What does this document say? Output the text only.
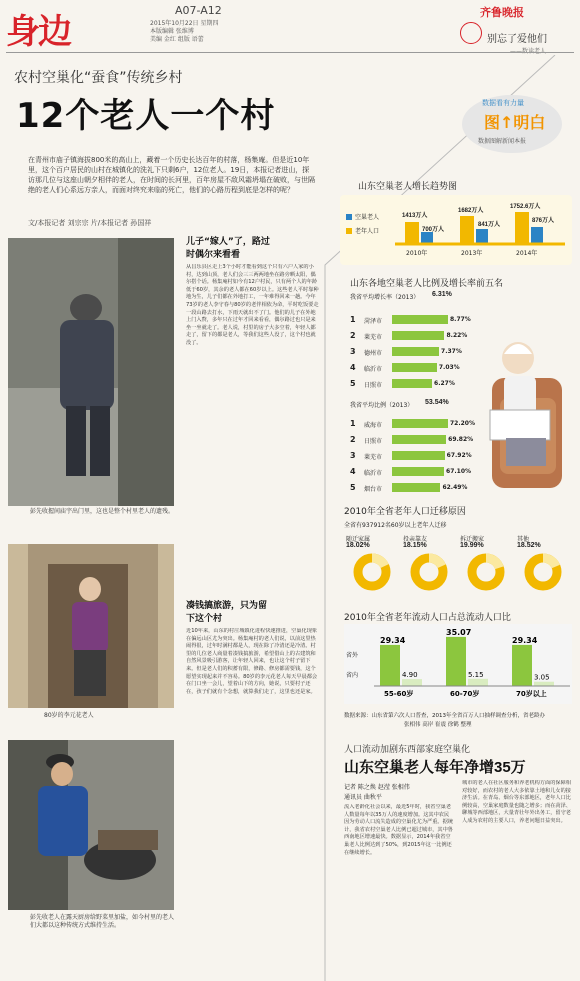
身边
A07-A12
2015年10月22日 星期四
本版编辑 张维博
美编 金红 组版 语蕾
齐鲁晚报
别忘了爱他们
农村空巢化“蚕食”传统乡村
12个老人一个村	数据看有力量
图↑明白
数据图解新闻本报
在青州市庙子镇海拔800米的高山上，藏着一个历史长达百年的村落，杨集庵。但是近10年里，这个百户居民的山村在城镇化的洗礼下只剩6户，12位老人。19日，本报记者进山，探访那几位与这座山朝夕相伴的老人，在时间的长河里，百年房屋不敌风霜坍塌在破败，与世隔绝的老人们心系远方亲人，而面对终究来临的死亡，他们的心路历程到底是怎样的呢？
文/本报记者 刘宗宗 片/本报记者 孙国祥
彭先收握间庙宇出门里，这也是整个村里老人的遗残。
80岁的李元花老人
彭先收老人在露天厨房给野菜里加盐，如今村里的老人们大都以这种传统方式维持生活。
儿子“嫁人”了，路过时偶尔来看看
从昌乐县区走上3个小时才能看到这个只有六户人家的小村，达到山顶，老人们会三三两两地坐在路旁晒太阳，偶尔搭个话。杨集庵村如今有12户村民，只有两个人的年龄低于60岁，其余的老人都在60岁以上。这些老人平时靠种地为生，儿子们都在外地打工，一年难得回来一趟。今年73岁的老人李守春与80岁的老伴相依为命，平时吃饭要走一段山路去打水，下雨天就出不了门。他们的儿子在外地上门入赘，多年只在过年才回来看看，偶尔路过也只是来坐一坐就走了。老人说，村里的房子大多空着，年轻人都走了，留下的都是老人，等我们这些人没了，这个村也就没了。
凑钱搞旅游，只为留下这个村
近10年来，山东的村庄城镇化进程快速推进，空巢化现象在偏远山区尤为突出。杨集庵村的老人们说，以前这里热闹得很，过年时满村都是人，现在除了冷清还是冷清。村里的几位老人商量着凑钱搞旅游，希望借山上的古建筑和自然风景吸引游客，让年轻人回来，也让这个村子留下来。但是老人们的积蓄有限，修路、修房都需要钱，这个愿望实现起来并不容易。80岁的李元花老人每天早晨都会在门口坐一会儿，望着山下的方向，她说，只要村子还在，孩子们就有个念想，就算我们走了，这里也还是家。
山东空巢老人增长趋势图
空巢老人
老年人口
1413万人
700万人
1682万人
841万人
1752.6万人
876万人
2010年	2013年	2014年
山东各地空巢老人比例及增长率前五名
我省平均增长率（2013） 6.31%
1 菏泽市	8.77%
2 莱芜市	8.22%
3 德州市	7.37%
4 临沂市	7.03%
5 日照市	6.27%
我省平均比例（2013） 53.54%
1 威海市	72.20%
2 日照市	69.82%
3 莱芜市	67.92%
4 临沂市	67.10%
5 烟台市	62.49%
2010年全省老年人口迁移原因
全省有937912名60岁以上老年人迁移
随迁家属
18.02%
投亲靠友
18.15%
拆迁搬家
19.99%
其他
18.52%
2010年全省老年流动人口占总流动人口比
省外
省内
29.34
4.90
55-60岁
35.07
5.15
60-70岁
29.34
3.05
70岁以上
数据来源：山东省第六次人口普查，2013年全省百万人口抽样调查分析，省老龄办
张相伟 高岸 崔震 徐鹤 整理
人口流动加剧东西部家庭空巢化
山东空巢老人每年净增35万
记者 陈之焕 赵滢 张相伟
通讯员 曲秋平
流入老龄化社会以来，最近5年时，我省空巢老人数量每年以35万人的速度增加。这其中农民因为劳动人口流失造成的空巢化尤为严重。据统计，我省农村空巢老人比例已超过城市，其中鲁西南地区增速最快。数据显示，2014年我省空巢老人比例达到了50%，到2015年这一比例还在继续增长。
城市的老人在社区服务和养老机构方面的保障相对较好，而农村的老人大多依靠土地和儿女的接济生活。在青岛、烟台等东部地区，老年人口比例较高，空巢家庭数量也随之增多；而在菏泽、聊城等西部地区，大量青壮年外出务工，留守老人成为农村的主要人口，养老问题日益突出。
